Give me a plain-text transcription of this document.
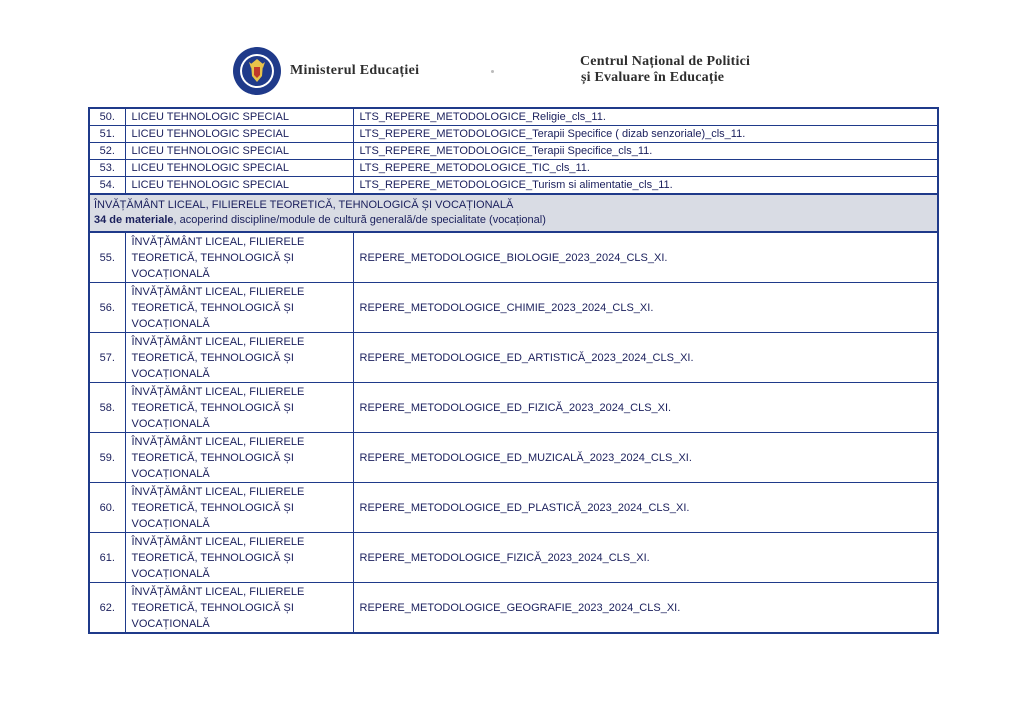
Ministerul Educației
Centrul Național de Politici
și Evaluare în Educație
50.	LICEU TEHNOLOGIC SPECIAL	LTS_REPERE_METODOLOGICE_Religie_cls_11.
51.	LICEU TEHNOLOGIC SPECIAL	LTS_REPERE_METODOLOGICE_Terapii Specifice ( dizab senzoriale)_cls_11.
52.	LICEU TEHNOLOGIC SPECIAL	LTS_REPERE_METODOLOGICE_Terapii Specifice_cls_11.
53.	LICEU TEHNOLOGIC SPECIAL	LTS_REPERE_METODOLOGICE_TIC_cls_11.
54.	LICEU TEHNOLOGIC SPECIAL	LTS_REPERE_METODOLOGICE_Turism si alimentatie_cls_11.

ÎNVĂȚĂMÂNT LICEAL, FILIERELE TEORETICĂ, TEHNOLOGICĂ ȘI VOCAȚIONALĂ
34 de materiale, acoperind discipline/module de cultură generală/de specialitate (vocațional)		

55.	ÎNVĂȚĂMÂNT LICEAL, FILIERELE TEORETICĂ, TEHNOLOGICĂ ȘI VOCAȚIONALĂ	REPERE_METODOLOGICE_BIOLOGIE_2023_2024_CLS_XI.
56.	ÎNVĂȚĂMÂNT LICEAL, FILIERELE TEORETICĂ, TEHNOLOGICĂ ȘI VOCAȚIONALĂ	REPERE_METODOLOGICE_CHIMIE_2023_2024_CLS_XI.
57.	ÎNVĂȚĂMÂNT LICEAL, FILIERELE TEORETICĂ, TEHNOLOGICĂ ȘI VOCAȚIONALĂ	REPERE_METODOLOGICE_ED_ARTISTICĂ_2023_2024_CLS_XI.
58.	ÎNVĂȚĂMÂNT LICEAL, FILIERELE TEORETICĂ, TEHNOLOGICĂ ȘI VOCAȚIONALĂ	REPERE_METODOLOGICE_ED_FIZICĂ_2023_2024_CLS_XI.
59.	ÎNVĂȚĂMÂNT LICEAL, FILIERELE TEORETICĂ, TEHNOLOGICĂ ȘI VOCAȚIONALĂ	REPERE_METODOLOGICE_ED_MUZICALĂ_2023_2024_CLS_XI.
60.	ÎNVĂȚĂMÂNT LICEAL, FILIERELE TEORETICĂ, TEHNOLOGICĂ ȘI VOCAȚIONALĂ	REPERE_METODOLOGICE_ED_PLASTICĂ_2023_2024_CLS_XI.
61.	ÎNVĂȚĂMÂNT LICEAL, FILIERELE TEORETICĂ, TEHNOLOGICĂ ȘI VOCAȚIONALĂ	REPERE_METODOLOGICE_FIZICĂ_2023_2024_CLS_XI.
62.	ÎNVĂȚĂMÂNT LICEAL, FILIERELE TEORETICĂ, TEHNOLOGICĂ ȘI VOCAȚIONALĂ	REPERE_METODOLOGICE_GEOGRAFIE_2023_2024_CLS_XI.
